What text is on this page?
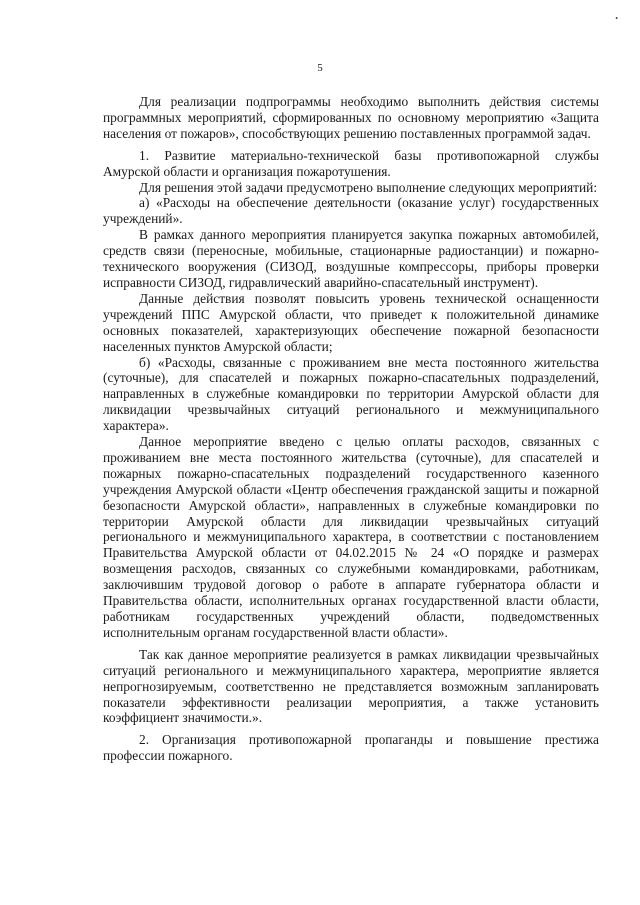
•
5

Для реализации подпрограммы необходимо выполнить действия системы программных мероприятий, сформированных по основному мероприятию «Защита населения от пожаров», способствующих решению поставленных программой задач.

1. Развитие материально-технической базы противопожарной службы Амурской области и организация пожаротушения.

Для решения этой задачи предусмотрено выполнение следующих мероприятий:

а) «Расходы на обеспечение деятельности (оказание услуг) государственных учреждений».

В рамках данного мероприятия планируется закупка пожарных автомобилей, средств связи (переносные, мобильные, стационарные радиостанции) и пожарно-технического вооружения (СИЗОД, воздушные компрессоры, приборы проверки исправности СИЗОД, гидравлический аварийно-спасательный инструмент).

Данные действия позволят повысить уровень технической оснащенности учреждений ППС Амурской области, что приведет к положительной динамике основных показателей, характеризующих обеспечение пожарной безопасности населенных пунктов Амурской области;

б) «Расходы, связанные с проживанием вне места постоянного жительства (суточные), для спасателей и пожарных пожарно-спасательных подразделений, направленных в служебные командировки по территории Амурской области для ликвидации чрезвычайных ситуаций регионального и межмуниципального характера».

Данное мероприятие введено с целью оплаты расходов, связанных с проживанием вне места постоянного жительства (суточные), для спасателей и пожарных пожарно-спасательных подразделений государственного казенного учреждения Амурской области «Центр обеспечения гражданской защиты и пожарной безопасности Амурской области», направленных в служебные командировки по территории Амурской области для ликвидации чрезвычайных ситуаций регионального и межмуниципального характера, в соответствии с постановлением Правительства Амурской области от 04.02.2015 № 24 «О порядке и размерах возмещения расходов, связанных со служебными командировками, работникам, заключившим трудовой договор о работе в аппарате губернатора области и Правительства области, исполнительных органах государственной власти области, работникам государственных учреждений области, подведомственных исполнительным органам государственной власти области».

Так как данное мероприятие реализуется в рамках ликвидации чрезвычайных ситуаций регионального и межмуниципального характера, мероприятие является непрогнозируемым, соответственно не представляется возможным запланировать показатели эффективности реализации мероприятия, а также установить коэффициент значимости.».

2. Организация противопожарной пропаганды и повышение престижа профессии пожарного.
